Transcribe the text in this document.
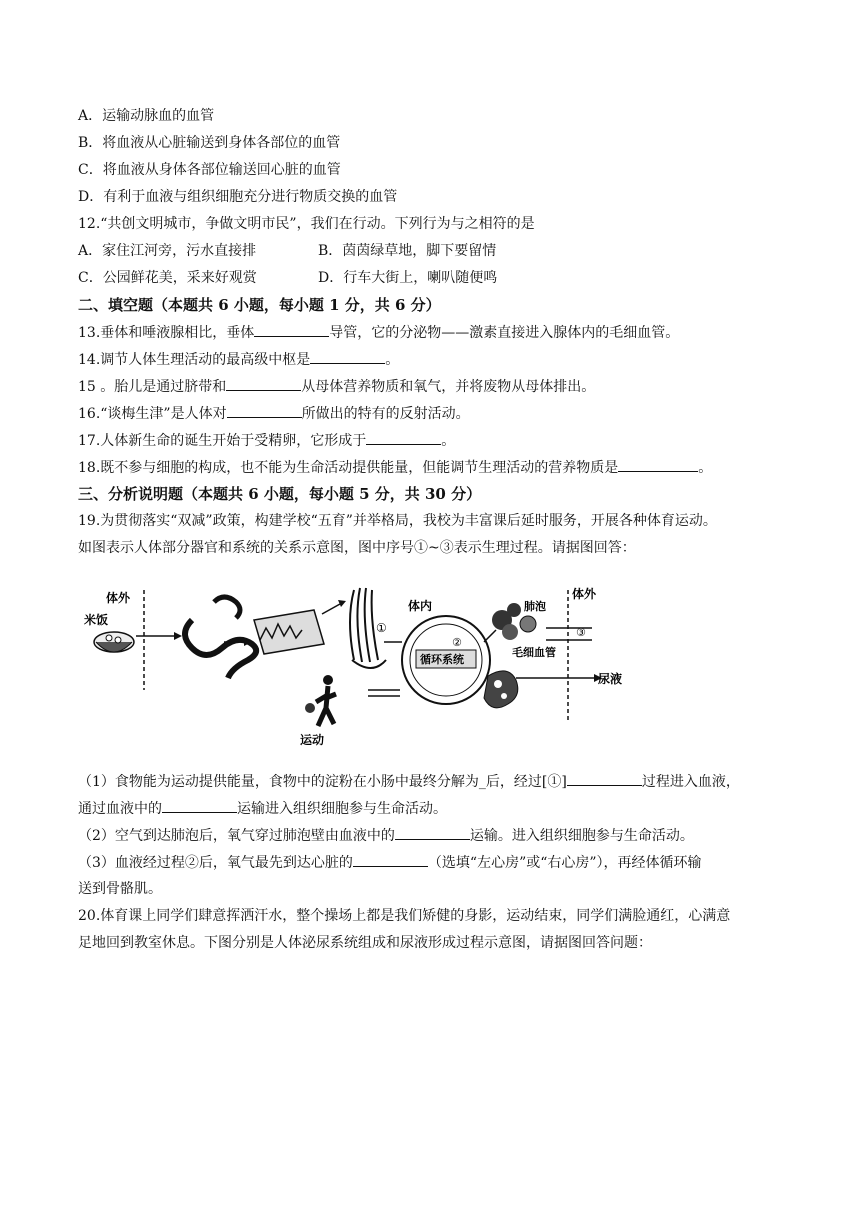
A．运输动脉血的血管
B．将血液从心脏输送到身体各部位的血管
C．将血液从身体各部位输送回心脏的血管
D．有利于血液与组织细胞充分进行物质交换的血管
12.“共创文明城市，争做文明市民”，我们在行动。下列行为与之相符的是
A．家住江河旁，污水直接排	B．茵茵绿草地，脚下要留情
C．公园鲜花美，采来好观赏	D．行车大街上，喇叭随便鸣
二、填空题（本题共 6 小题，每小题 1 分，共 6 分）
13.垂体和唾液腺相比，垂体	导管，它的分泌物——激素直接进入腺体内的毛细血管。
14.调节人体生理活动的最高级中枢是	。
15 。胎儿是通过脐带和	从母体营养物质和氧气，并将废物从母体排出。
16.“谈梅生津”是人体对	所做出的特有的反射活动。
17.人体新生命的诞生开始于受精卵，它形成于	。
18.既不参与细胞的构成，也不能为生命活动提供能量，但能调节生理活动的营养物质是	。
三、分析说明题（本题共 6 小题，每小题 5 分，共 30 分）
19.为贯彻落实“双减”政策，构建学校“五育”并举格局，我校为丰富课后延时服务，开展各种体育运动。
如图表示人体部分器官和系统的关系示意图，图中序号①~③表示生理过程。请据图回答：
体外
米饭
体内	肺泡
体外
①
循环系统
②
③
毛细血管
尿液
运动
（1）食物能为运动提供能量，食物中的淀粉在小肠中最终分解为_后，经过[①]	过程进入血液，
通过血液中的	运输进入组织细胞参与生命活动。
（2）空气到达肺泡后，氧气穿过肺泡壁由血液中的	运输。进入组织细胞参与生命活动。
（3）血液经过程②后，氧气最先到达心脏的	（选填“左心房”或“右心房”），再经体循环输
送到骨骼肌。
20.体育课上同学们肆意挥洒汗水，整个操场上都是我们矫健的身影，运动结束，同学们满脸通红，心满意
足地回到教室休息。下图分别是人体泌尿系统组成和尿液形成过程示意图，请据图回答问题：
